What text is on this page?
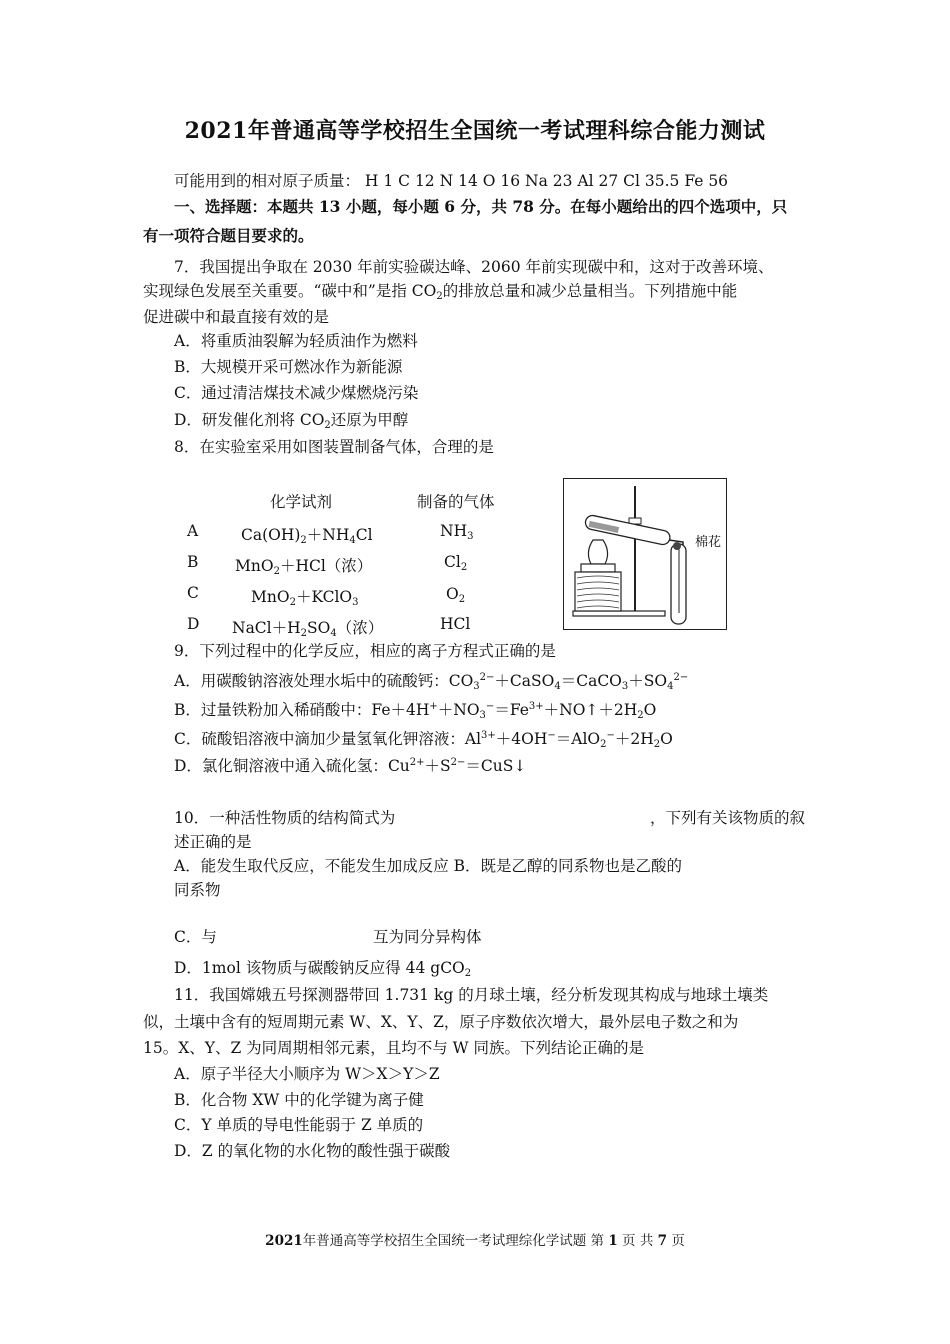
2021年普通高等学校招生全国统一考试理科综合能力测试
可能用到的相对原子质量： H 1 C 12 N 14 O 16 Na 23 Al 27 Cl 35.5 Fe 56
一、选择题：本题共 13 小题，每小题 6 分，共 78 分。在每小题给出的四个选项中，只
有一项符合题目要求的。
7．我国提出争取在 2030 年前实验碳达峰、2060 年前实现碳中和，这对于改善环境、
实现绿色发展至关重要。“碳中和”是指 $CO_2$的排放总量和减少总量相当。下列措施中能
促进碳中和最直接有效的是
A．将重质油裂解为轻质油作为燃料
B．大规模开采可燃冰作为新能源
C．通过清洁煤技术减少煤燃烧污染
D．研发催化剂将 $CO_2$还原为甲醇
8．在实验室采用如图装置制备气体，合理的是
化学试剂	制备的气体
A	$Ca(OH)_2+NH_4Cl$	$NH_3$
B MnO$_2$＋HCl（浓）	$Cl_2$
C	MnO$_2$＋KClO$_3$	$O_2$
D $NaCl+H_2SO_4$（浓）	HCl
棉花
9．下列过程中的化学反应，相应的离子方程式正确的是
A．用碳酸钠溶液处理水垢中的硫酸钙：$CO_3^{2-}+CaSO_4=CaCO_3+SO_4^{2-}$
B．过量铁粉加入稀硝酸中：$Fe+4H^++NO_3^-=Fe^{3+}+NO↑+2H_2O$
C．硫酸铝溶液中滴加少量氢氧化钾溶液：$Al^{3+}+4OH^-=AlO_2^-+2H_2O$
D．氯化铜溶液中通入硫化氢：$Cu^{2+}+S^{2-}=CuS↓$
10．一种活性物质的结构简式为	，下列有关该物质的叙
述正确的是
A．能发生取代反应，不能发生加成反应 B．既是乙醇的同系物也是乙酸的
同系物
C．与	互为同分异构体
D．1mol 该物质与碳酸钠反应得 44 gCO$_2$
11．我国嫦娥五号探测器带回 1.731 kg 的月球土壤，经分析发现其构成与地球土壤类
似，土壤中含有的短周期元素 W、X、Y、Z，原子序数依次增大，最外层电子数之和为
15。X、Y、Z 为同周期相邻元素，且均不与 W 同族。下列结论正确的是
A．原子半径大小顺序为 W＞X＞Y＞Z
B．化合物 XW 中的化学键为离子健
C．Y 单质的导电性能弱于 Z 单质的
D．Z 的氧化物的水化物的酸性强于碳酸
2021年普通高等学校招生全国统一考试理综化学试题 第 1 页 共 7 页
